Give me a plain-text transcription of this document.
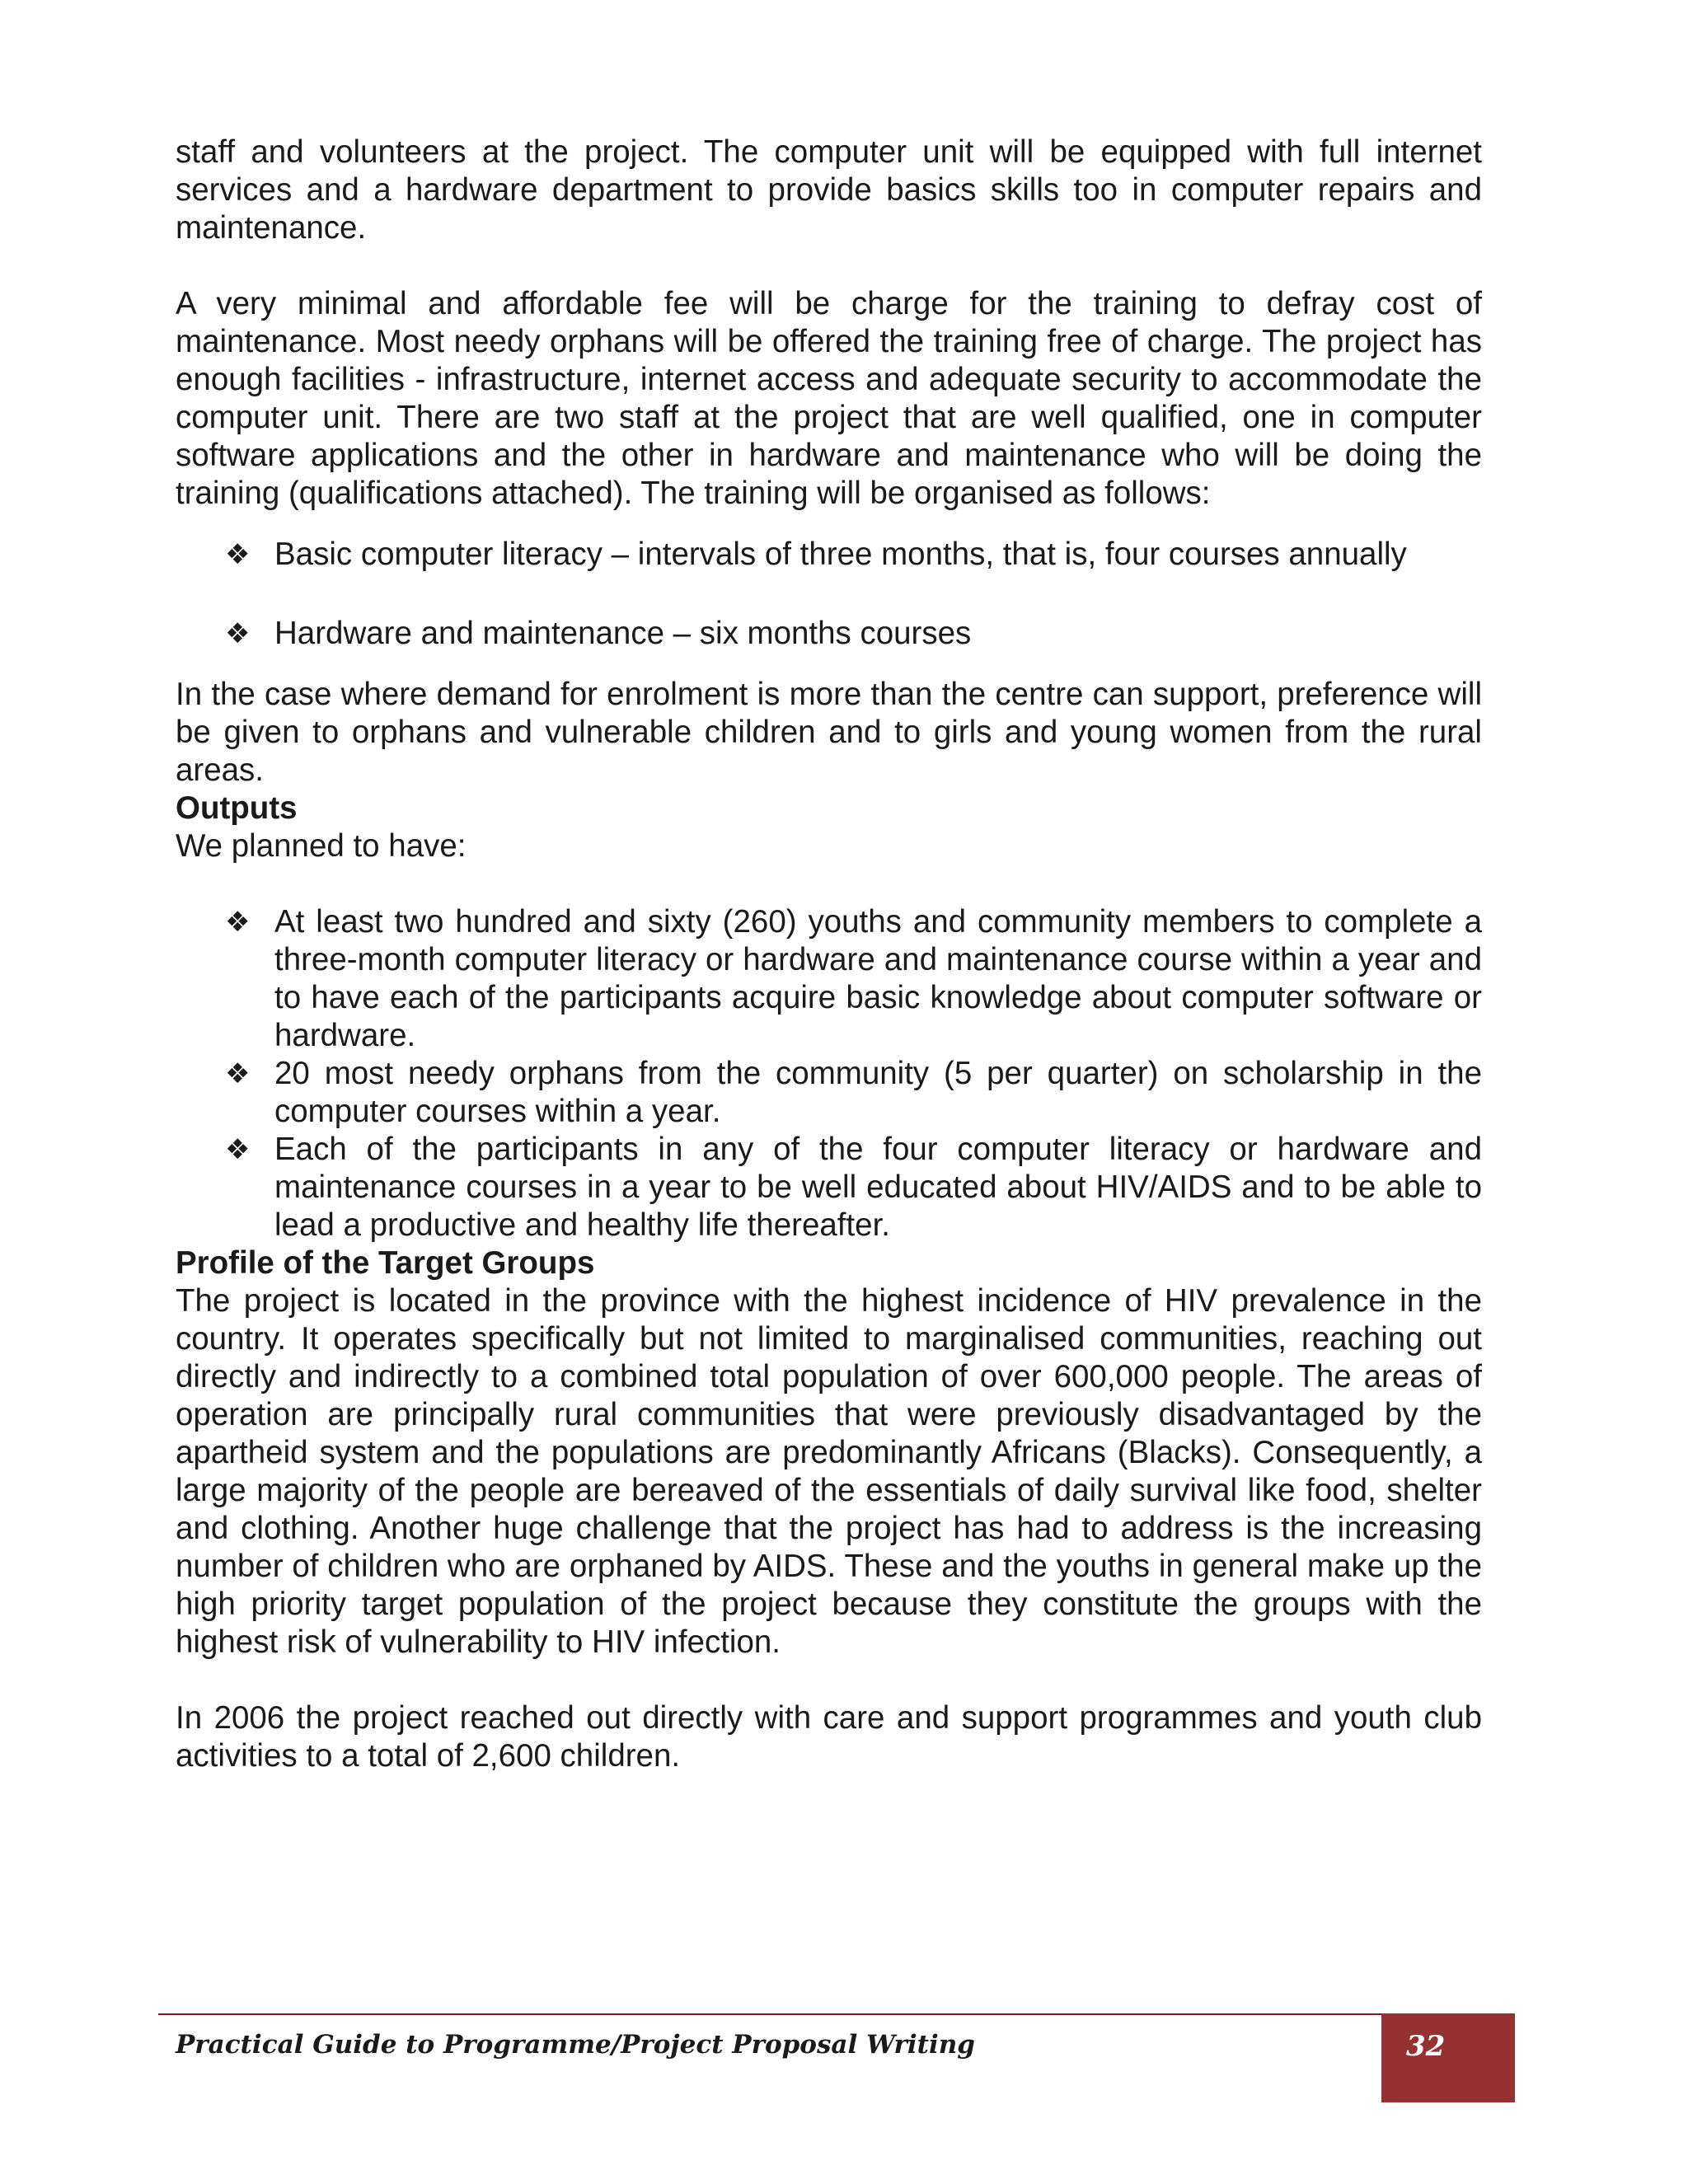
staff and volunteers at the project. The computer unit will be equipped with full internet services and a hardware department to provide basics skills too in computer repairs and maintenance.

A very minimal and affordable fee will be charge for the training to defray cost of maintenance. Most needy orphans will be offered the training free of charge. The project has enough facilities - infrastructure, internet access and adequate security to accommodate the computer unit. There are two staff at the project that are well qualified, one in computer software applications and the other in hardware and maintenance who will be doing the training (qualifications attached). The training will be organised as follows:

❖ Basic computer literacy – intervals of three months, that is, four courses annually
❖ Hardware and maintenance – six months courses

In the case where demand for enrolment is more than the centre can support, preference will be given to orphans and vulnerable children and to girls and young women from the rural areas.

Outputs

We planned to have:

❖ At least two hundred and sixty (260) youths and community members to complete a three-month computer literacy or hardware and maintenance course within a year and to have each of the participants acquire basic knowledge about computer software or hardware.
❖ 20 most needy orphans from the community (5 per quarter) on scholarship in the computer courses within a year.
❖ Each of the participants in any of the four computer literacy or hardware and maintenance courses in a year to be well educated about HIV/AIDS and to be able to lead a productive and healthy life thereafter.

Profile of the Target Groups

The project is located in the province with the highest incidence of HIV prevalence in the country. It operates specifically but not limited to marginalised communities, reaching out directly and indirectly to a combined total population of over 600,000 people. The areas of operation are principally rural communities that were previously disadvantaged by the apartheid system and the populations are predominantly Africans (Blacks). Consequently, a large majority of the people are bereaved of the essentials of daily survival like food, shelter and clothing. Another huge challenge that the project has had to address is the increasing number of children who are orphaned by AIDS. These and the youths in general make up the high priority target population of the project because they constitute the groups with the highest risk of vulnerability to HIV infection.

In 2006 the project reached out directly with care and support programmes and youth club activities to a total of 2,600 children.

Practical Guide to Programme/Project Proposal Writing	32
